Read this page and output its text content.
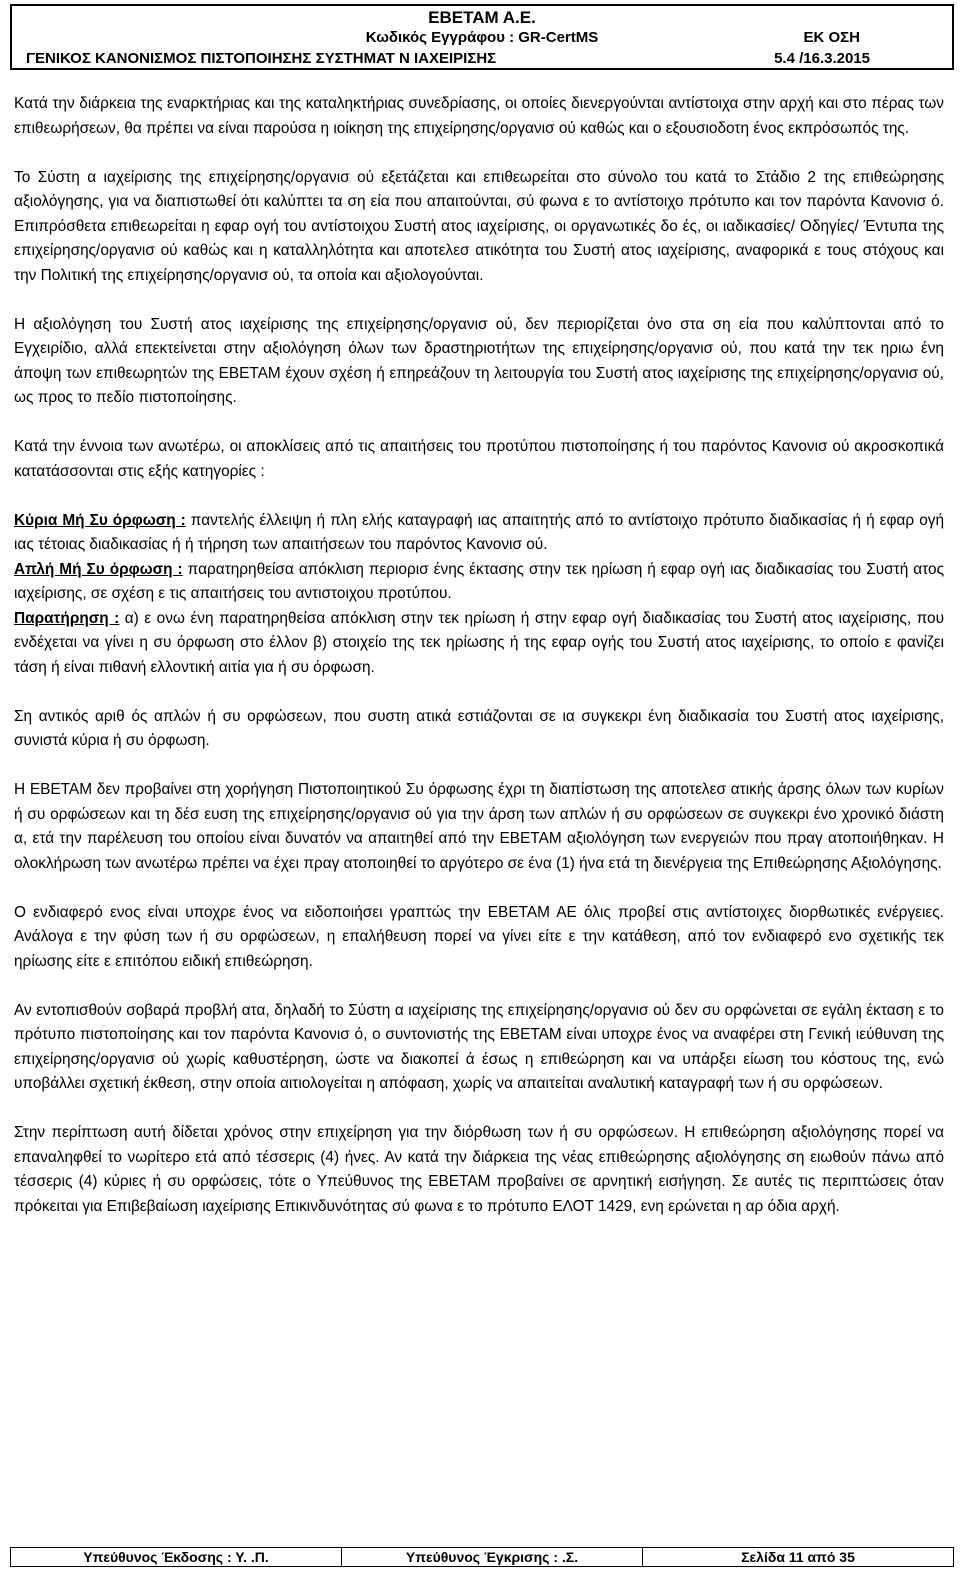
ΕΒΕΤΑΜ Α.Ε.
Κωδικός Εγγράφου : GR-CertMS
ΓΕΝΙΚΟΣ ΚΑΝΟΝΙΣΜΟΣ ΠΙΣΤΟΠΟΙΗΣΗΣ ΣΥΣΤΗΜΑΤ Ν ΙΑΧΕΙΡΙΣΗΣ
ΕΚ ΟΣΗ
5.4 /16.3.2015

Κατά την διάρκεια της εναρκτήριας και της καταληκτήριας συνεδρίασης, οι οποίες διενεργούνται αντίστοιχα στην αρχή και στο πέρας των επιθεωρήσεων, θα πρέπει να είναι παρούσα η ιοίκηση της επιχείρησης/οργανισ ού καθώς και ο εξουσιοδοτη ένος εκπρόσωπός της.

Το Σύστη α ιαχείρισης της επιχείρησης/οργανισ ού εξετάζεται και επιθεωρείται στο σύνολο του κατά το Στάδιο 2 της επιθεώρησης αξιολόγησης, για να διαπιστωθεί ότι καλύπτει τα ση εία που απαιτούνται, σύ φωνα ε το αντίστοιχο πρότυπο και τον παρόντα Κανονισ ό. Επιπρόσθετα επιθεωρείται η εφαρ ογή του αντίστοιχου Συστή ατος ιαχείρισης, οι οργανωτικές δο ές, οι ιαδικασίες/ Οδηγίες/ Έντυπα της επιχείρησης/οργανισ ού καθώς και η καταλληλότητα και αποτελεσ ατικότητα του Συστή ατος ιαχείρισης, αναφορικά ε τους στόχους και την Πολιτική της επιχείρησης/οργανισ ού, τα οποία και αξιολογούνται.

Η αξιολόγηση του Συστή ατος ιαχείρισης της επιχείρησης/οργανισ ού, δεν περιορίζεται όνο στα ση εία που καλύπτονται από το Εγχειρίδιο, αλλά επεκτείνεται στην αξιολόγηση όλων των δραστηριοτήτων της επιχείρησης/οργανισ ού, που κατά την τεκ ηριω ένη άποψη των επιθεωρητών της ΕΒΕΤΑΜ έχουν σχέση ή επηρεάζουν τη λειτουργία του Συστή ατος ιαχείρισης της επιχείρησης/οργανισ ού, ως προς το πεδίο πιστοποίησης.

Κατά την έννοια των ανωτέρω, οι αποκλίσεις από τις απαιτήσεις του προτύπου πιστοποίησης ή του παρόντος Κανονισ ού ακροσκοπικά κατατάσσονται στις εξής κατηγορίες :

Κύρια Μή Συ όρφωση : παντελής έλλειψη ή πλη ελής καταγραφή ιας απαιτητής από το αντίστοιχο πρότυπο διαδικασίας ή ή εφαρ ογή ιας τέτοιας διαδικασίας ή ή τήρηση των απαιτήσεων του παρόντος Κανονισ ού.

Απλή Μή Συ όρφωση : παρατηρηθείσα απόκλιση περιορισ ένης έκτασης στην τεκ ηρίωση ή εφαρ ογή ιας διαδικασίας του Συστή ατος ιαχείρισης, σε σχέση ε τις απαιτήσεις του αντιστοιχου προτύπου.

Παρατήρηση : α) ε ονω ένη παρατηρηθείσα απόκλιση στην τεκ ηρίωση ή στην εφαρ ογή διαδικασίας του Συστή ατος ιαχείρισης, που ενδέχεται να γίνει η συ όρφωση στο έλλον β) στοιχείο της τεκ ηρίωσης ή της εφαρ ογής του Συστή ατος ιαχείρισης, το οποίο ε φανίζει τάση ή είναι πιθανή ελλοντική αιτία για ή συ όρφωση.

Ση αντικός αριθ ός απλών ή συ ορφώσεων, που συστη ατικά εστιάζονται σε ια συγκεκρι ένη διαδικασία του Συστή ατος ιαχείρισης, συνιστά κύρια ή συ όρφωση.

Η ΕΒΕΤΑΜ δεν προβαίνει στη χορήγηση Πιστοποιητικού Συ όρφωσης έχρι τη διαπίστωση της αποτελεσ ατικής άρσης όλων των κυρίων ή συ ορφώσεων και τη δέσ ευση της επιχείρησης/οργανισ ού για την άρση των απλών ή συ ορφώσεων σε συγκεκρι ένο χρονικό διάστη α, ετά την παρέλευση του οποίου είναι δυνατόν να απαιτηθεί από την ΕΒΕΤΑΜ αξιολόγηση των ενεργειών που πραγ ατοποιήθηκαν. Η ολοκλήρωση των ανωτέρω πρέπει να έχει πραγ ατοποιηθεί το αργότερο σε ένα (1) ήνα ετά τη διενέργεια της Επιθεώρησης Αξιολόγησης.

Ο ενδιαφερό ενος είναι υποχρε ένος να ειδοποιήσει γραπτώς την ΕΒΕΤΑΜ ΑΕ όλις προβεί στις αντίστοιχες διορθωτικές ενέργειες. Ανάλογα ε την φύση των ή συ ορφώσεων, η επαλήθευση πορεί να γίνει είτε ε την κατάθεση, από τον ενδιαφερό ενο σχετικής τεκ ηρίωσης είτε ε επιτόπου ειδική επιθεώρηση.

Αν εντοπισθούν σοβαρά προβλή ατα, δηλαδή το Σύστη α ιαχείρισης της επιχείρησης/οργανισ ού δεν συ ορφώνεται σε εγάλη έκταση ε το πρότυπο πιστοποίησης και τον παρόντα Κανονισ ό, ο συντονιστής της ΕΒΕΤΑΜ είναι υποχρε ένος να αναφέρει στη Γενική ιεύθυνση της επιχείρησης/οργανισ ού χωρίς καθυστέρηση, ώστε να διακοπεί ά έσως η επιθεώρηση και να υπάρξει είωση του κόστους της, ενώ υποβάλλει σχετική έκθεση, στην οποία αιτιολογείται η απόφαση, χωρίς να απαιτείται αναλυτική καταγραφή των ή συ ορφώσεων.

Στην περίπτωση αυτή δίδεται χρόνος στην επιχείρηση για την διόρθωση των ή συ ορφώσεων. Η επιθεώρηση αξιολόγησης πορεί να επαναληφθεί το νωρίτερο ετά από τέσσερις (4) ήνες. Αν κατά την διάρκεια της νέας επιθεώρησης αξιολόγησης ση ειωθούν πάνω από τέσσερις (4) κύριες ή συ ορφώσεις, τότε ο Υπεύθυνος της ΕΒΕΤΑΜ προβαίνει σε αρνητική εισήγηση. Σε αυτές τις περιπτώσεις όταν πρόκειται για Επιβεβαίωση ιαχείρισης Επικινδυνότητας σύ φωνα ε το πρότυπο ΕΛΟΤ 1429, ενη ερώνεται η αρ όδια αρχή.

Υπεύθυνος Έκδοσης : Υ. .Π.	Υπεύθυνος Έγκρισης : .Σ.	Σελίδα 11 από 35
